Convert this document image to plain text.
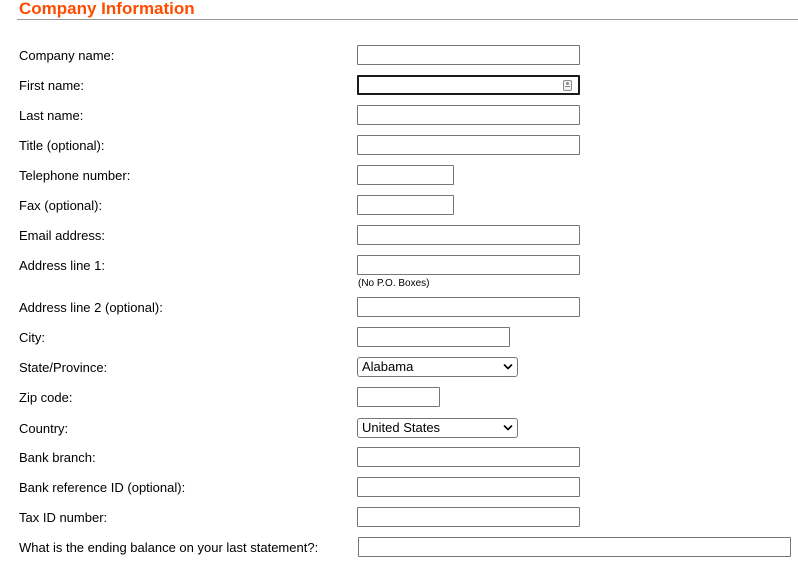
Company Information
Company name:
First name:
Last name:
Title (optional):
Telephone number:
Fax (optional):
Email address:
Address line 1:
(No P.O. Boxes)
Address line 2 (optional):
City:
State/Province:	Alabama
Zip code:
Country:	United States
Bank branch:
Bank reference ID (optional):
Tax ID number:
What is the ending balance on your last statement?:
